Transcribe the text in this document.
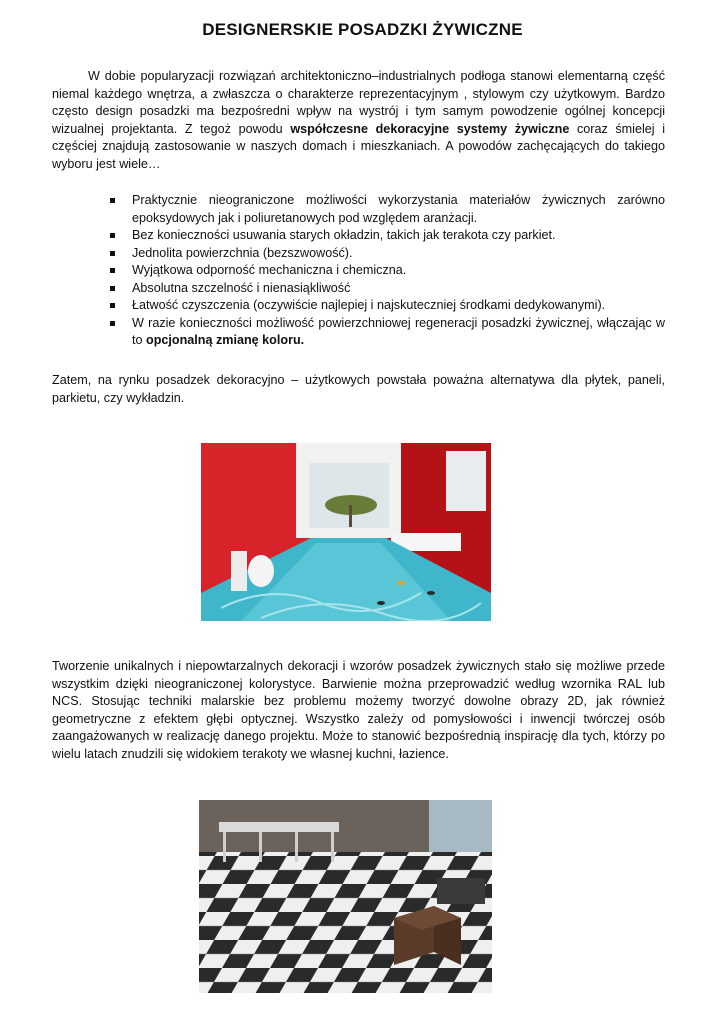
DESIGNERSKIE POSADZKI ŻYWICZNE

W dobie popularyzacji rozwiązań architektoniczno–industrialnych podłoga stanowi elementarną część niemal każdego wnętrza, a zwłaszcza o charakterze reprezentacyjnym , stylowym czy użytkowym. Bardzo często design posadzki ma bezpośredni wpływ na wystrój i tym samym powodzenie ogólnej koncepcji wizualnej projektanta. Z tegoż powodu współczesne dekoracyjne systemy żywiczne coraz śmielej i częściej znajdują zastosowanie w naszych domach i mieszkaniach. A powodów zachęcających do takiego wyboru jest wiele…

Praktycznie nieograniczone możliwości wykorzystania materiałów żywicznych zarówno epoksydowych jak i poliuretanowych pod względem aranżacji.
Bez konieczności usuwania starych okładzin, takich jak terakota czy parkiet.
Jednolita powierzchnia (bezszwowość).
Wyjątkowa odporność mechaniczna i chemiczna.
Absolutna szczelność i nienasiąkliwość
Łatwość czyszczenia (oczywiście najlepiej i najskuteczniej środkami dedykowanymi).
W razie konieczności możliwość powierzchniowej regeneracji posadzki żywicznej, włączając w to opcjonalną zmianę koloru.

Zatem, na rynku posadzek dekoracyjno – użytkowych powstała poważna alternatywa dla płytek, paneli, parkietu, czy wykładzin.

Tworzenie unikalnych i niepowtarzalnych dekoracji i wzorów posadzek żywicznych stało się możliwe przede wszystkim dzięki nieograniczonej kolorystyce. Barwienie można przeprowadzić według wzornika RAL lub NCS. Stosując techniki malarskie bez problemu możemy tworzyć dowolne obrazy 2D, jak również geometryczne z efektem głębi optycznej. Wszystko zależy od pomysłowości i inwencji twórczej osób zaangażowanych w realizację danego projektu. Może to stanowić bezpośrednią inspirację dla tych, którzy po wielu latach znudzili się widokiem terakoty we własnej kuchni, łazience.
